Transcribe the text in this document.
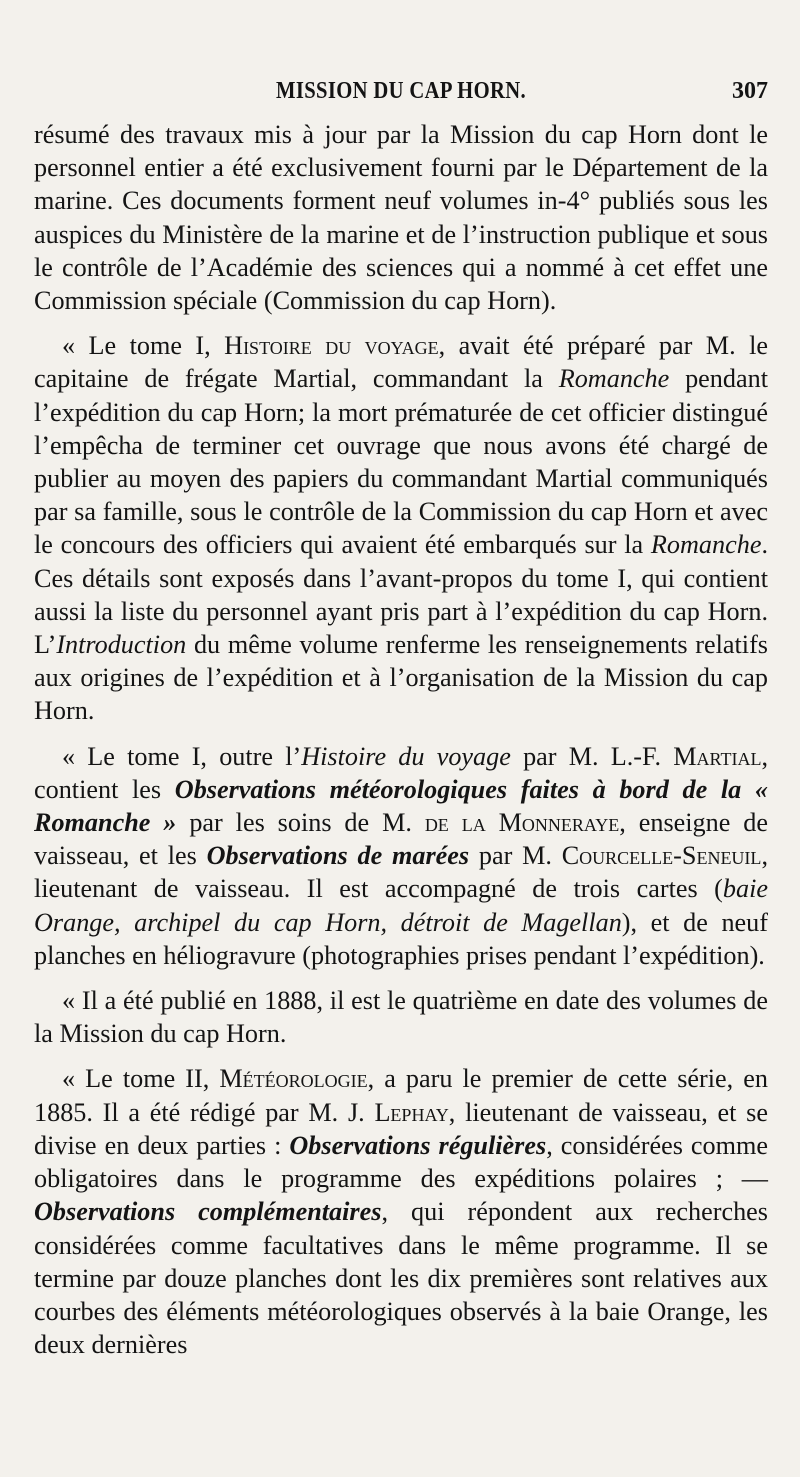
MISSION DU CAP HORN.	307

résumé des travaux mis à jour par la Mission du cap Horn dont le personnel entier a été exclusivement fourni par le Département de la marine. Ces documents forment neuf volumes in-4° publiés sous les auspices du Ministère de la marine et de l’instruction publique et sous le contrôle de l’Académie des sciences qui a nommé à cet effet une Commission spéciale (Commission du cap Horn).

« Le tome I, Histoire du voyage, avait été préparé par M. le capitaine de frégate Martial, commandant la Romanche pendant l’expédition du cap Horn; la mort prématurée de cet officier distingué l’empêcha de terminer cet ouvrage que nous avons été chargé de publier au moyen des papiers du commandant Martial communiqués par sa famille, sous le contrôle de la Commission du cap Horn et avec le concours des officiers qui avaient été embarqués sur la Romanche. Ces détails sont exposés dans l’avant-propos du tome I, qui contient aussi la liste du personnel ayant pris part à l’expédition du cap Horn. L’Introduction du même volume renferme les renseignements relatifs aux origines de l’expédition et à l’organisation de la Mission du cap Horn.

« Le tome I, outre l’Histoire du voyage par M. L.-F. Martial, contient les Observations météorologiques faites à bord de la « Romanche » par les soins de M. de la Monneraye, enseigne de vaisseau, et les Observations de marées par M. Courcelle-Seneuil, lieutenant de vaisseau. Il est accompagné de trois cartes (baie Orange, archipel du cap Horn, détroit de Magellan), et de neuf planches en héliogravure (photographies prises pendant l’expédition).

« Il a été publié en 1888, il est le quatrième en date des volumes de la Mission du cap Horn.

« Le tome II, Météorologie, a paru le premier de cette série, en 1885. Il a été rédigé par M. J. Lephay, lieutenant de vaisseau, et se divise en deux parties : Observations régulières, considérées comme obligatoires dans le programme des expéditions polaires ; — Observations complémentaires, qui répondent aux recherches considérées comme facultatives dans le même programme. Il se termine par douze planches dont les dix premières sont relatives aux courbes des éléments météorologiques observés à la baie Orange, les deux dernières
